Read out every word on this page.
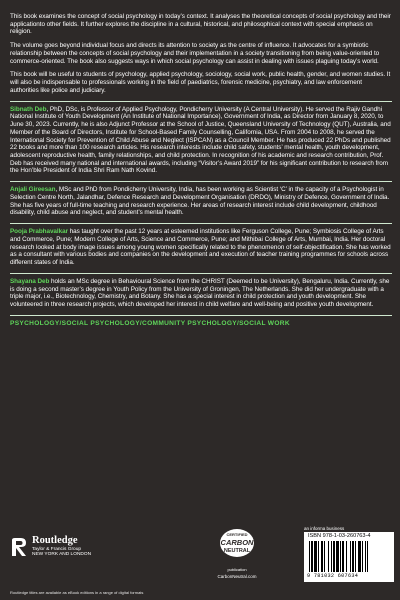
This book examines the concept of social psychology in today’s context. It analyses the theoretical concepts of social psychology and their applicationto other fields. It further explores the discipline in a cultural, historical, and philosophical context with special emphasis on religion.

The volume goes beyond individual focus and directs its attention to society as the centre of influence. It advocates for a symbiotic relationship between the concepts of social psychology and their implementation in a society transitioning from being value-oriented to commerce-oriented. The book also suggests ways in which social psychology can assist in dealing with issues plaguing today’s world.

This book will be useful to students of psychology, applied psychology, sociology, social work, public health, gender, and women studies. It will also be indispensable to professionals working in the field of paediatrics, forensic medicine, psychiatry, and law enforcement authorities like police and judiciary.

Sibnath Deb, PhD, DSc, is Professor of Applied Psychology, Pondicherry University (A Central University). He served the Rajiv Gandhi National Institute of Youth Development (An Institute of National Importance), Government of India, as Director from January 8, 2020, to June 30, 2023. Currently, he is also Adjunct Professor at the School of Justice, Queensland University of Technology (QUT), Australia, and Member of the Board of Directors, Institute for School-Based Family Counselling, California, USA. From 2004 to 2008, he served the International Society for Prevention of Child Abuse and Neglect (ISPCAN) as a Council Member. He has produced 22 PhDs and published 22 books and more than 100 research articles. His research interests include child safety, students’ mental health, youth development, adolescent reproductive health, family relationships, and child protection. In recognition of his academic and research contribution, Prof. Deb has received many national and international awards, including “Visitor’s Award 2019” for his significant contribution to research from the Hon’ble President of India Shri Ram Nath Kovind.

Anjali Gireesan, MSc and PhD from Pondicherry University, India, has been working as Scientist ‘C’ in the capacity of a Psychologist in Selection Centre North, Jalandhar, Defence Research and Development Organisation (DRDO), Ministry of Defence, Government of India. She has five years of full-time teaching and research experience. Her areas of research interest include child development, childhood disability, child abuse and neglect, and student’s mental health.

Pooja Prabhavalkar has taught over the past 12 years at esteemed institutions like Ferguson College, Pune; Symbiosis College of Arts and Commerce, Pune; Modern College of Arts, Science and Commerce, Pune; and Mithibai College of Arts, Mumbai, India. Her doctoral research looked at body image issues among young women specifically related to the phenomenon of self-objectification. She has worked as a consultant with various bodies and companies on the development and execution of teacher training programmes for schools across different states of India.

Shayana Deb holds an MSc degree in Behavioural Science from the CHRIST (Deemed to be University), Bengaluru, India. Currently, she is doing a second master’s degree in Youth Policy from the University of Groningen, The Netherlands. She did her undergraduate with a triple major, i.e., Biotechnology, Chemistry, and Botany. She has a special interest in child protection and youth development. She volunteered in three research projects, which developed her interest in child welfare and well-being and positive youth development.

PSYCHOLOGY/SOCIAL PSYCHOLOGY/COMMUNITY PSYCHOLOGY/SOCIAL WORK
Routledge
Taylor & Francis Group
NEW YORK AND LONDON
CERTIFIED
CARBON
NEUTRAL
publication
CarbonNeutral.com
an informa business
ISBN 978-1-03-260763-4
9 781032 607634
Routledge titles are available as eBook editions in a range of digital formats
